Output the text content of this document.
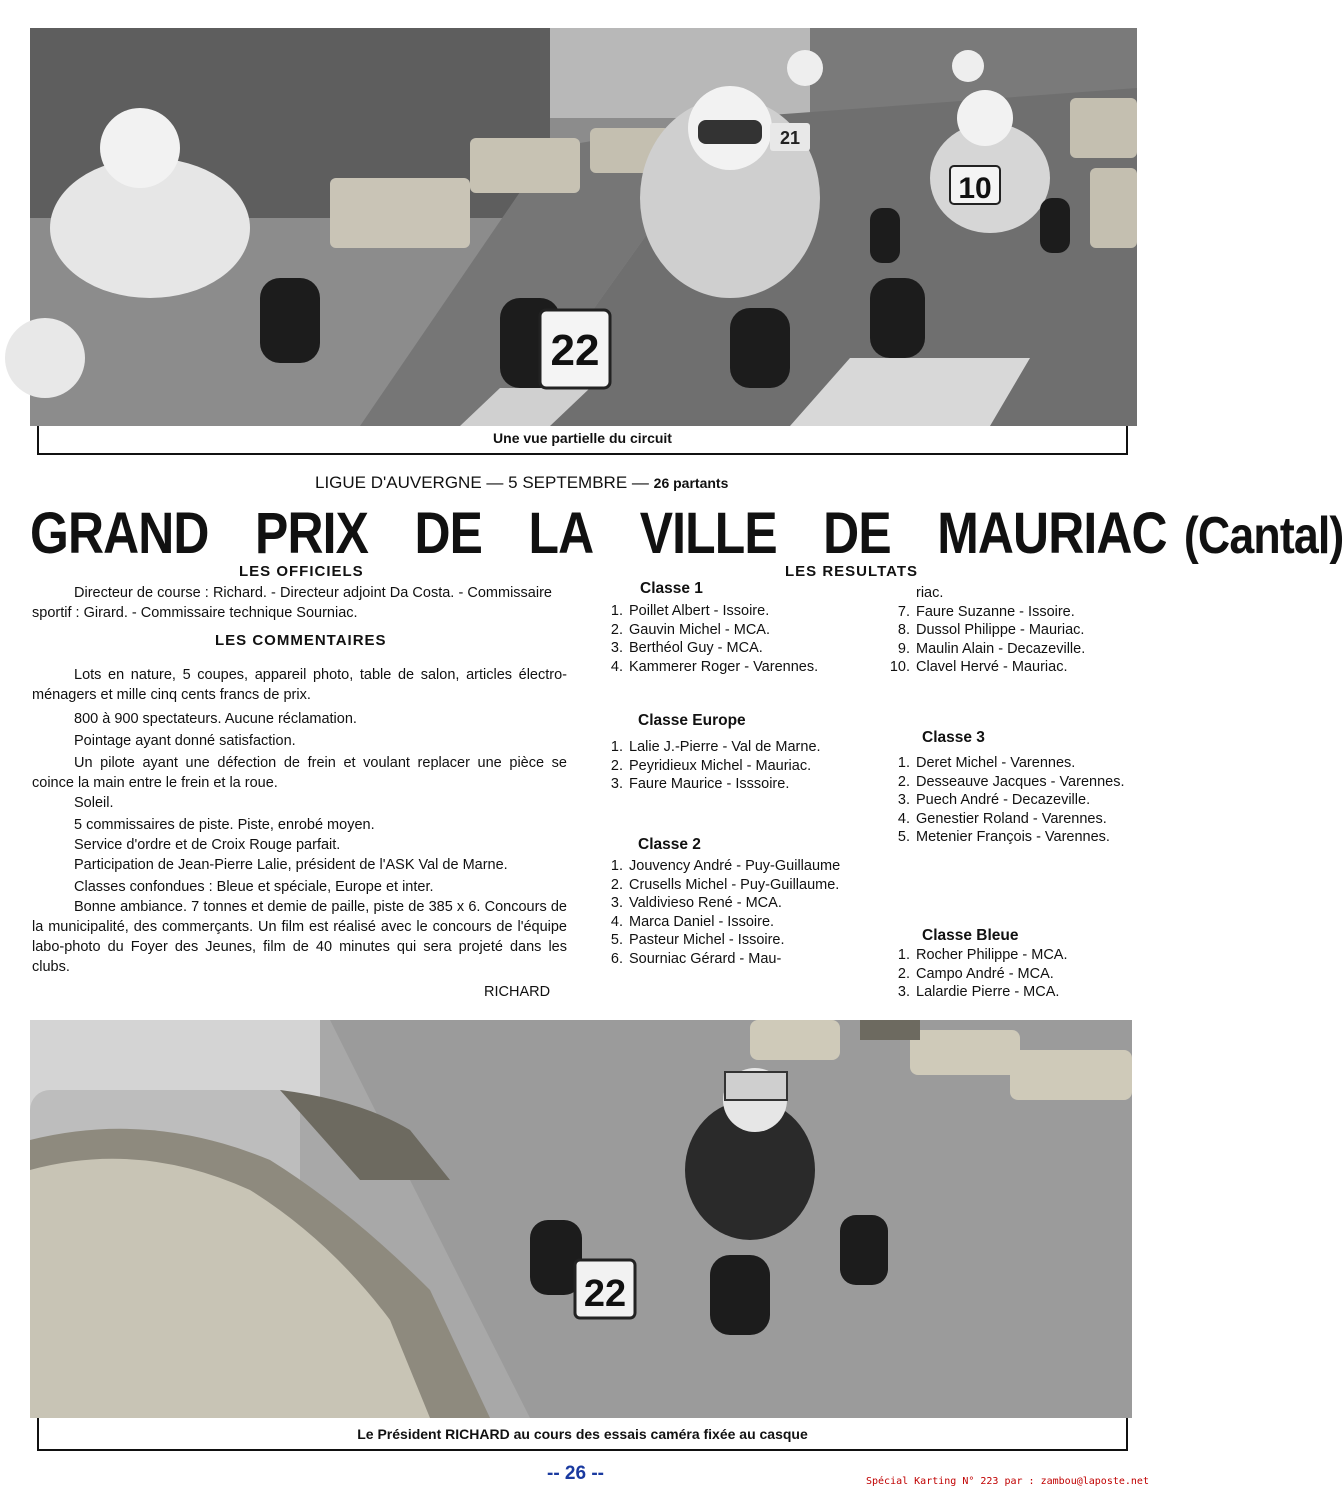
22
10
21
Une vue partielle du circuit
LIGUE D'AUVERGNE — 5 SEPTEMBRE — 26 partants
GRAND PRIX DE LA VILLE DE MAURIAC (Cantal)
LES OFFICIELS
Directeur de course : Richard. - Directeur adjoint Da Costa. - Commissaire sportif : Girard. - Commissaire technique Sourniac.
LES COMMENTAIRES
Lots en nature, 5 coupes, appareil photo, table de salon, articles électro-ménagers et mille cinq cents francs de prix.
800 à 900 spectateurs. Aucune réclamation.
Pointage ayant donné satisfaction.
Un pilote ayant une défection de frein et voulant replacer une pièce se coince la main entre le frein et la roue.
Soleil.
5 commissaires de piste. Piste, enrobé moyen.
Service d'ordre et de Croix Rouge parfait.
Participation de Jean-Pierre Lalie, président de l'ASK Val de Marne.
Classes confondues : Bleue et spéciale, Europe et inter.
Bonne ambiance. 7 tonnes et demie de paille, piste de 385 x 6. Concours de la municipalité, des commerçants. Un film est réalisé avec le concours de l'équipe labo-photo du Foyer des Jeunes, film de 40 minutes qui sera projeté dans les clubs.
RICHARD
LES RESULTATS
Classe 1
1. Poillet Albert - Issoire.
2. Gauvin Michel - MCA.
3. Berthéol Guy - MCA.
4. Kammerer Roger - Varennes.
Classe Europe
1. Lalie J.-Pierre - Val de Marne.
2. Peyridieux Michel - Mauriac.
3. Faure Maurice - Isssoire.
Classe 2
1. Jouvency André - Puy-Guillaume
2. Crusells Michel - Puy-Guillaume.
3. Valdivieso René - MCA.
4. Marca Daniel - Issoire.
5. Pasteur Michel - Issoire.
6. Sourniac Gérard - Mau-
riac.
7. Faure Suzanne - Issoire.
8. Dussol Philippe - Mauriac.
9. Maulin Alain - Decazeville.
10. Clavel Hervé - Mauriac.
Classe 3
1. Deret Michel - Varennes.
2. Desseauve Jacques - Varennes.
3. Puech André - Decazeville.
4. Genestier Roland - Varennes.
5. Metenier François - Varennes.
Classe Bleue
1. Rocher Philippe - MCA.
2. Campo André - MCA.
3. Lalardie Pierre - MCA.
22
Le Président RICHARD au cours des essais caméra fixée au casque
-- 26 --	Spécial Karting N° 223 par : zambou@laposte.net
